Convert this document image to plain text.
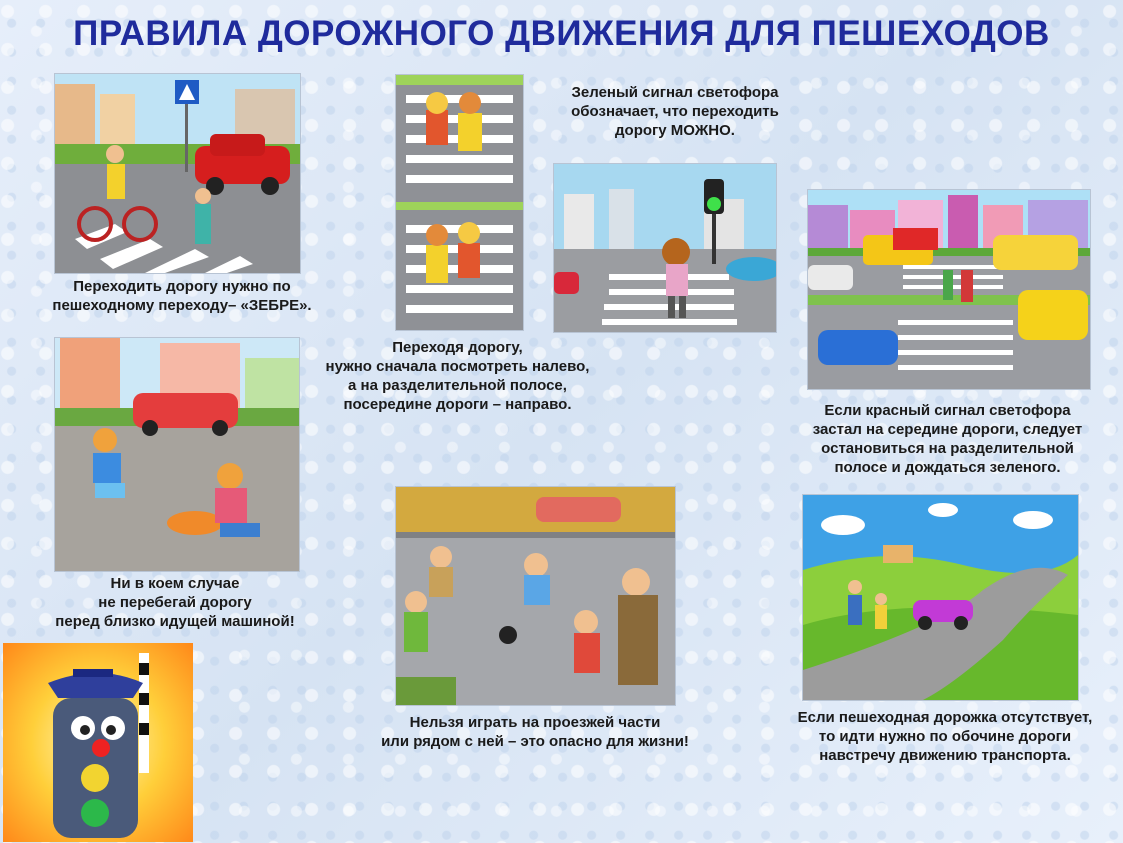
ПРАВИЛА ДОРОЖНОГО ДВИЖЕНИЯ ДЛЯ ПЕШЕХОДОВ
Переходить дорогу нужно по
пешеходному переходу– «ЗЕБРЕ».
Переходя дорогу,
нужно сначала посмотреть налево,
а на разделительной полосе,
посередине дороги – направо.
Зеленый сигнал светофора
обозначает, что переходить
дорогу МОЖНО.
Если красный сигнал светофора
застал на середине дороги, следует
остановиться на разделительной
полосе и дождаться зеленого.
Ни в коем случае
не перебегай дорогу
перед близко идущей машиной!
Нельзя играть на проезжей части
или рядом с ней – это опасно для жизни!
Если пешеходная дорожка отсутствует,
то идти нужно по обочине дороги
навстречу движению транспорта.
